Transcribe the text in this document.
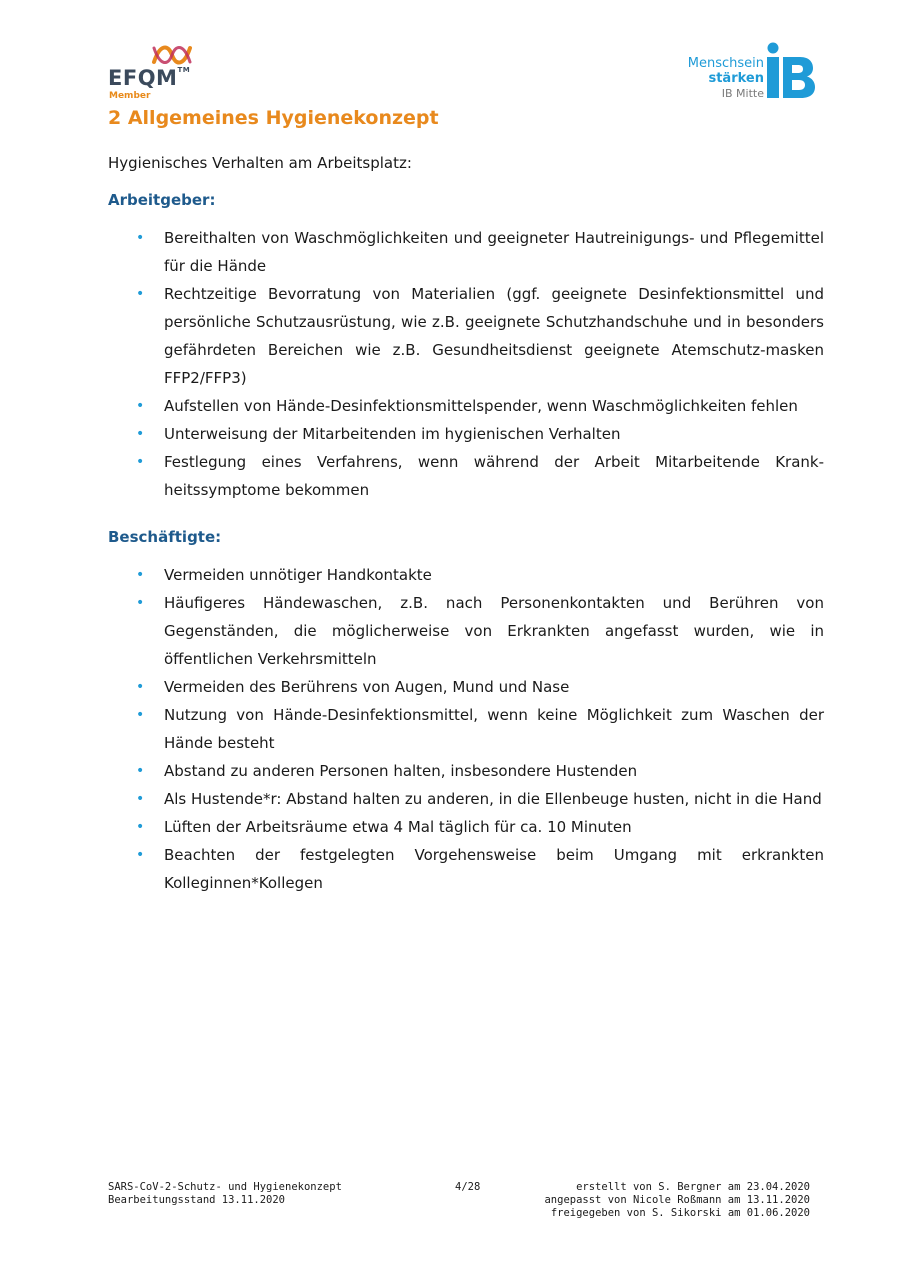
EFQM™
Member
Menschsein
stärken
IB Mitte
2 Allgemeines Hygienekonzept

Hygienisches Verhalten am Arbeitsplatz:

Arbeitgeber:

• Bereithalten von Waschmöglichkeiten und geeigneter Hautreinigungs- und Pflegemittel für die Hände
• Rechtzeitige Bevorratung von Materialien (ggf. geeignete Desinfektionsmittel und persönliche Schutzausrüstung, wie z.B. geeignete Schutzhandschuhe und in besonders gefährdeten Bereichen wie z.B. Gesundheitsdienst geeignete Atemschutz-masken FFP2/FFP3)
• Aufstellen von Hände-Desinfektionsmittelspender, wenn Waschmöglichkeiten fehlen
• Unterweisung der Mitarbeitenden im hygienischen Verhalten
• Festlegung eines Verfahrens, wenn während der Arbeit Mitarbeitende Krank-heitssymptome bekommen

Beschäftigte:

• Vermeiden unnötiger Handkontakte
• Häufigeres Händewaschen, z.B. nach Personenkontakten und Berühren von Gegenständen, die möglicherweise von Erkrankten angefasst wurden, wie in öffentlichen Verkehrsmitteln
• Vermeiden des Berührens von Augen, Mund und Nase
• Nutzung von Hände-Desinfektionsmittel, wenn keine Möglichkeit zum Waschen der Hände besteht
• Abstand zu anderen Personen halten, insbesondere Hustenden
• Als Hustende*r: Abstand halten zu anderen, in die Ellenbeuge husten, nicht in die Hand
• Lüften der Arbeitsräume etwa 4 Mal täglich für ca. 10 Minuten
• Beachten der festgelegten Vorgehensweise beim Umgang mit erkrankten Kolleginnen*Kollegen
SARS-CoV-2-Schutz- und Hygienekonzept
Bearbeitungsstand 13.11.2020
4/28	erstellt von S. Bergner am 23.04.2020
angepasst von Nicole Roßmann am 13.11.2020
freigegeben von S. Sikorski am 01.06.2020
